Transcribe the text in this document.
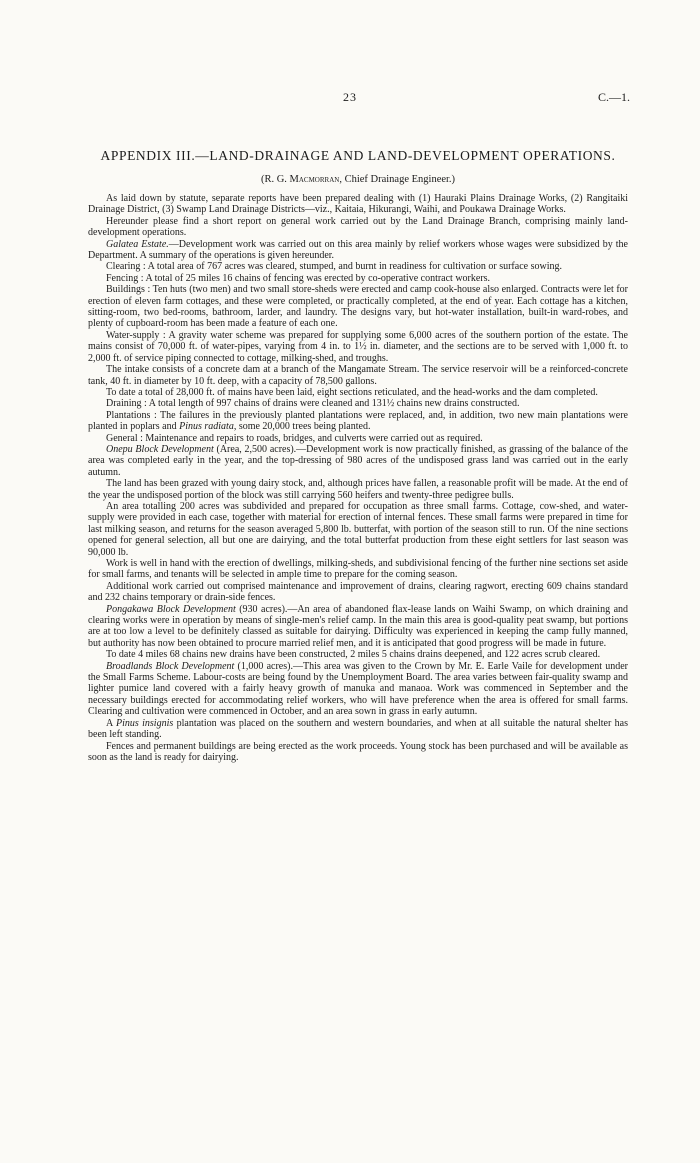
23	C.—1.
APPENDIX III.—LAND-DRAINAGE AND LAND-DEVELOPMENT OPERATIONS.
(R. G. Macmorran, Chief Drainage Engineer.)

As laid down by statute, separate reports have been prepared dealing with (1) Hauraki Plains Drainage Works, (2) Rangitaiki Drainage District, (3) Swamp Land Drainage Districts—viz., Kaitaia, Hikurangi, Waihi, and Poukawa Drainage Works.

Hereunder please find a short report on general work carried out by the Land Drainage Branch, comprising mainly land-development operations.

Galatea Estate.—Development work was carried out on this area mainly by relief workers whose wages were subsidized by the Department. A summary of the operations is given hereunder.

Clearing : A total area of 767 acres was cleared, stumped, and burnt in readiness for cultivation or surface sowing.

Fencing : A total of 25 miles 16 chains of fencing was erected by co-operative contract workers.

Buildings : Ten huts (two men) and two small store-sheds were erected and camp cook-house also enlarged. Contracts were let for erection of eleven farm cottages, and these were completed, or practically completed, at the end of year. Each cottage has a kitchen, sitting-room, two bed-rooms, bathroom, larder, and laundry. The designs vary, but hot-water installation, built-in ward-robes, and plenty of cupboard-room has been made a feature of each one.

Water-supply : A gravity water scheme was prepared for supplying some 6,000 acres of the southern portion of the estate. The mains consist of 70,000 ft. of water-pipes, varying from 4 in. to 1½ in. diameter, and the sections are to be served with 1,000 ft. to 2,000 ft. of service piping connected to cottage, milking-shed, and troughs.

The intake consists of a concrete dam at a branch of the Mangamate Stream. The service reservoir will be a reinforced-concrete tank, 40 ft. in diameter by 10 ft. deep, with a capacity of 78,500 gallons.

To date a total of 28,000 ft. of mains have been laid, eight sections reticulated, and the head-works and the dam completed.

Draining : A total length of 997 chains of drains were cleaned and 131½ chains new drains constructed.

Plantations : The failures in the previously planted plantations were replaced, and, in addition, two new main plantations were planted in poplars and Pinus radiata, some 20,000 trees being planted.

General : Maintenance and repairs to roads, bridges, and culverts were carried out as required.

Onepu Block Development (Area, 2,500 acres).—Development work is now practically finished, as grassing of the balance of the area was completed early in the year, and the top-dressing of 980 acres of the undisposed grass land was carried out in the early autumn.

The land has been grazed with young dairy stock, and, although prices have fallen, a reasonable profit will be made. At the end of the year the undisposed portion of the block was still carrying 560 heifers and twenty-three pedigree bulls.

An area totalling 200 acres was subdivided and prepared for occupation as three small farms. Cottage, cow-shed, and water-supply were provided in each case, together with material for erection of internal fences. These small farms were prepared in time for last milking season, and returns for the season averaged 5,800 lb. butterfat, with portion of the season still to run. Of the nine sections opened for general selection, all but one are dairying, and the total butterfat production from these eight settlers for last season was 90,000 lb.

Work is well in hand with the erection of dwellings, milking-sheds, and subdivisional fencing of the further nine sections set aside for small farms, and tenants will be selected in ample time to prepare for the coming season.

Additional work carried out comprised maintenance and improvement of drains, clearing ragwort, erecting 609 chains standard and 232 chains temporary or drain-side fences.

Pongakawa Block Development (930 acres).—An area of abandoned flax-lease lands on Waihi Swamp, on which draining and clearing works were in operation by means of single-men's relief camp. In the main this area is good-quality peat swamp, but portions are at too low a level to be definitely classed as suitable for dairying. Difficulty was experienced in keeping the camp fully manned, but authority has now been obtained to procure married relief men, and it is anticipated that good progress will be made in future.

To date 4 miles 68 chains new drains have been constructed, 2 miles 5 chains drains deepened, and 122 acres scrub cleared.

Broadlands Block Development (1,000 acres).—This area was given to the Crown by Mr. E. Earle Vaile for development under the Small Farms Scheme. Labour-costs are being found by the Unemployment Board. The area varies between fair-quality swamp and lighter pumice land covered with a fairly heavy growth of manuka and manaoa. Work was commenced in September and the necessary buildings erected for accommodating relief workers, who will have preference when the area is offered for small farms. Clearing and cultivation were commenced in October, and an area sown in grass in early autumn.

A Pinus insignis plantation was placed on the southern and western boundaries, and when at all suitable the natural shelter has been left standing.

Fences and permanent buildings are being erected as the work proceeds. Young stock has been purchased and will be available as soon as the land is ready for dairying.
